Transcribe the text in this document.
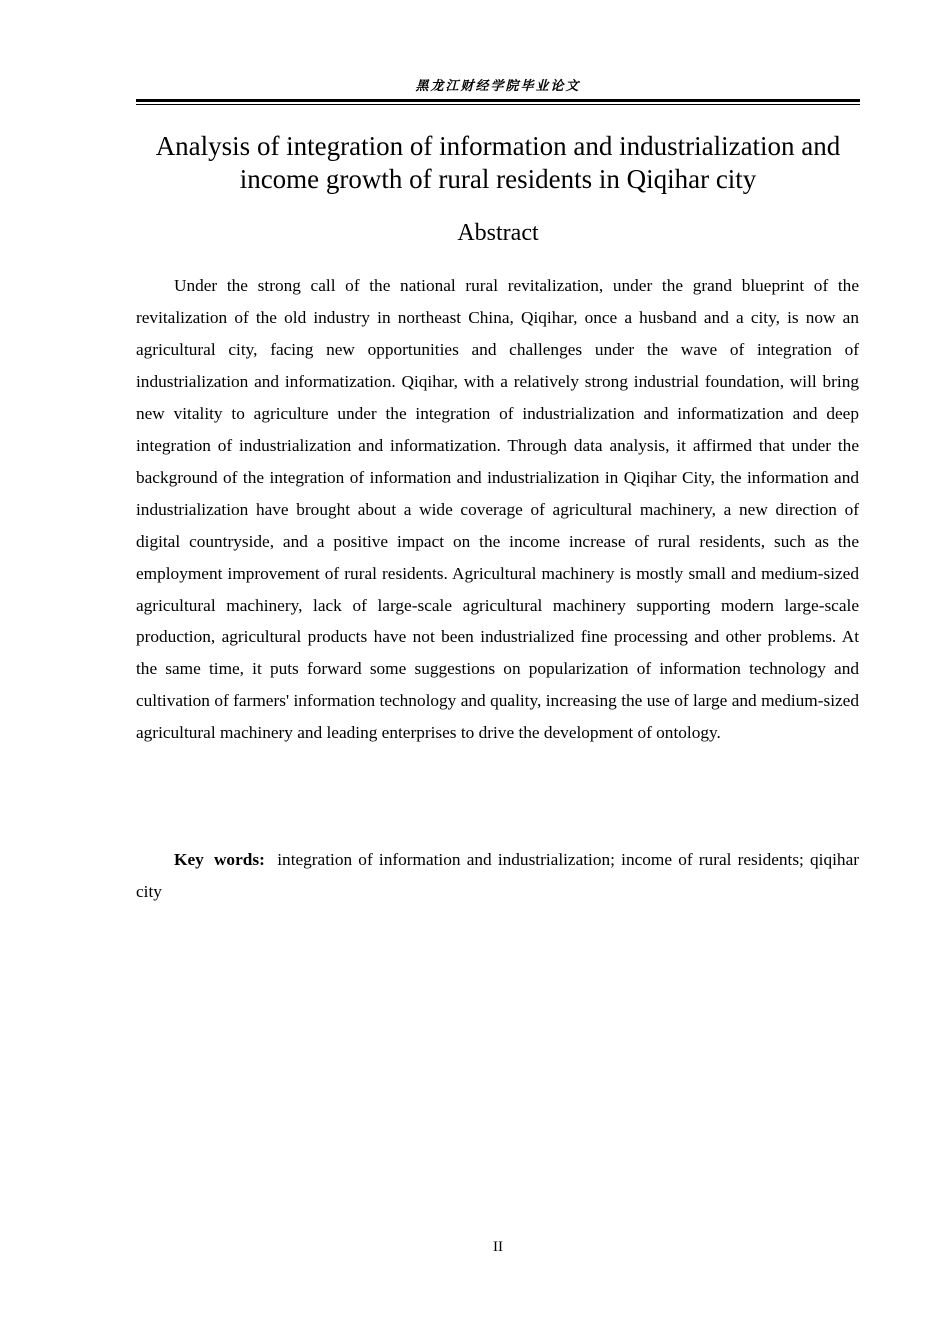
黑龙江财经学院毕业论文
Analysis of integration of information and industrialization and income growth of rural residents in Qiqihar city
Abstract

Under the strong call of the national rural revitalization, under the grand blueprint of the revitalization of the old industry in northeast China, Qiqihar, once a husband and a city, is now an agricultural city, facing new opportunities and challenges under the wave of integration of industrialization and informatization. Qiqihar, with a relatively strong industrial foundation, will bring new vitality to agriculture under the integration of industrialization and informatization and deep integration of industrialization and informatization. Through data analysis, it affirmed that under the background of the integration of information and industrialization in Qiqihar City, the information and industrialization have brought about a wide coverage of agricultural machinery, a new direction of digital countryside, and a positive impact on the income increase of rural residents, such as the employment improvement of rural residents. Agricultural machinery is mostly small and medium-sized agricultural machinery, lack of large-scale agricultural machinery supporting modern large-scale production, agricultural products have not been industrialized fine processing and other problems. At the same time, it puts forward some suggestions on popularization of information technology and cultivation of farmers' information technology and quality, increasing the use of large and medium-sized agricultural machinery and leading enterprises to drive the development of ontology.

Key words: integration of information and industrialization; income of rural residents; qiqihar city

II
